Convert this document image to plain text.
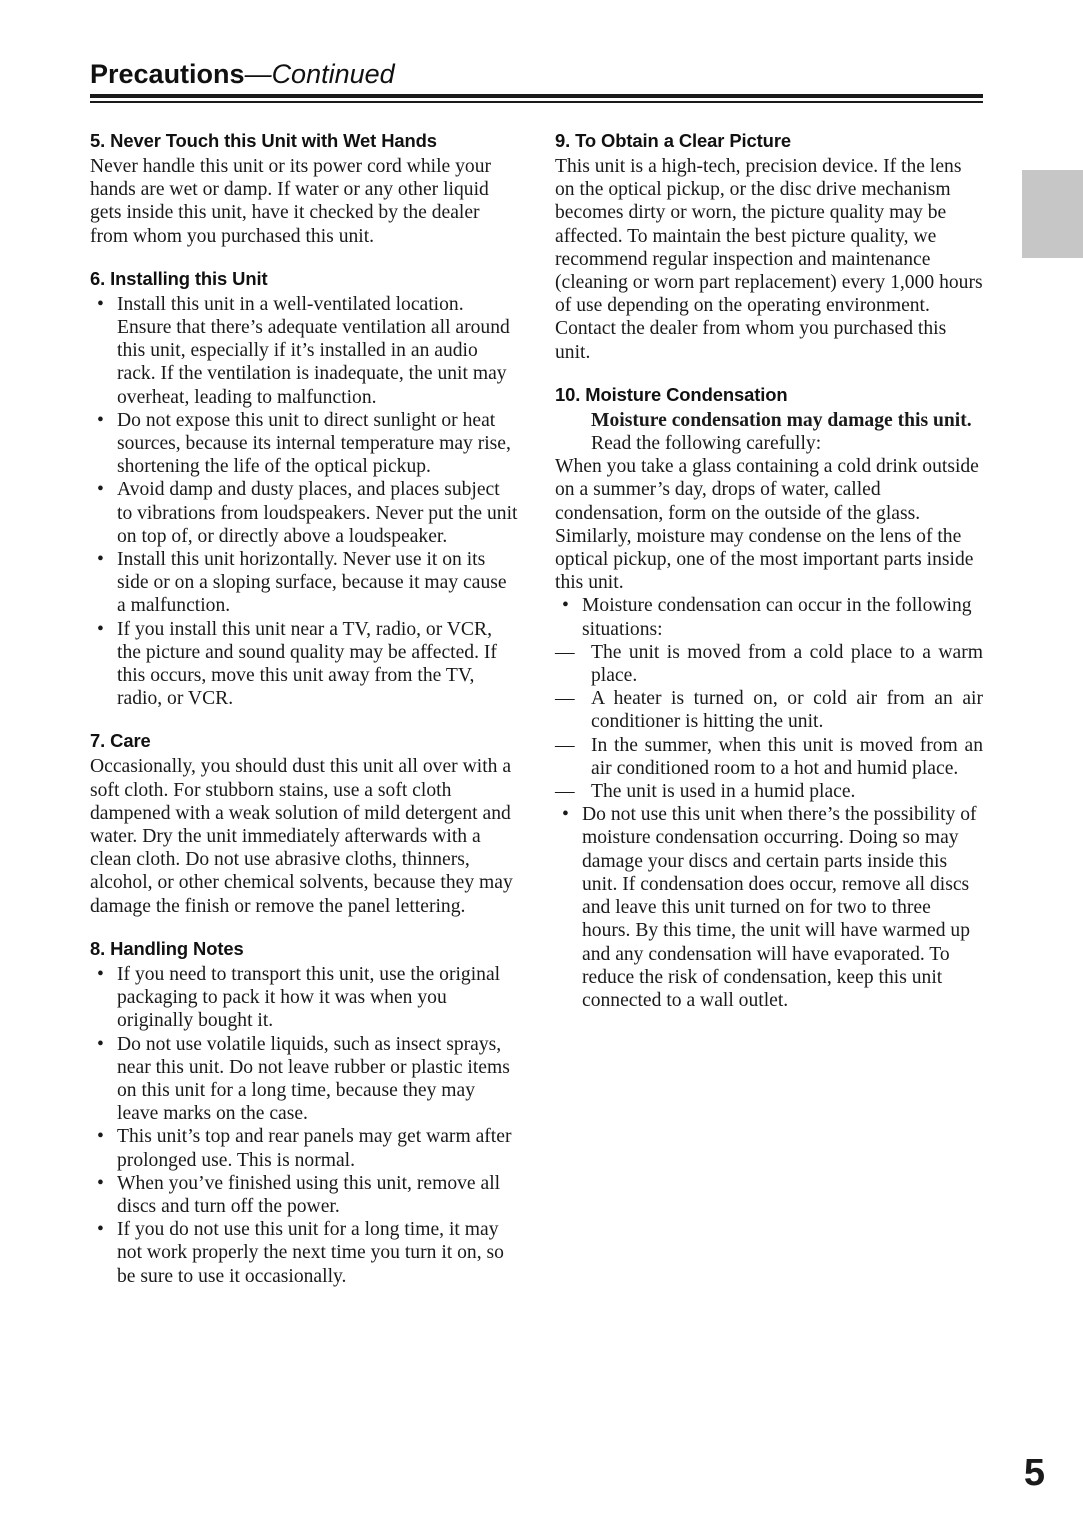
Precautions—Continued
5. Never Touch this Unit with Wet Hands

Never handle this unit or its power cord while your hands are wet or damp. If water or any other liquid gets inside this unit, have it checked by the dealer from whom you purchased this unit.

6. Installing this Unit
• Install this unit in a well-ventilated location. Ensure that there’s adequate ventilation all around this unit, especially if it’s installed in an audio rack. If the ventilation is inadequate, the unit may overheat, leading to malfunction.
• Do not expose this unit to direct sunlight or heat sources, because its internal temperature may rise, shortening the life of the optical pickup.
• Avoid damp and dusty places, and places subject to vibrations from loudspeakers. Never put the unit on top of, or directly above a loudspeaker.
• Install this unit horizontally. Never use it on its side or on a sloping surface, because it may cause a malfunction.
• If you install this unit near a TV, radio, or VCR, the picture and sound quality may be affected. If this occurs, move this unit away from the TV, radio, or VCR.
7. Care

Occasionally, you should dust this unit all over with a soft cloth. For stubborn stains, use a soft cloth dampened with a weak solution of mild detergent and water. Dry the unit immediately afterwards with a clean cloth. Do not use abrasive cloths, thinners, alcohol, or other chemical solvents, because they may damage the finish or remove the panel lettering.

8. Handling Notes
• If you need to transport this unit, use the original packaging to pack it how it was when you originally bought it.
• Do not use volatile liquids, such as insect sprays, near this unit. Do not leave rubber or plastic items on this unit for a long time, because they may leave marks on the case.
• This unit’s top and rear panels may get warm after prolonged use. This is normal.
• When you’ve finished using this unit, remove all discs and turn off the power.
• If you do not use this unit for a long time, it may not work properly the next time you turn it on, so be sure to use it occasionally.
9. To Obtain a Clear Picture

This unit is a high-tech, precision device. If the lens on the optical pickup, or the disc drive mechanism becomes dirty or worn, the picture quality may be affected. To maintain the best picture quality, we recommend regular inspection and maintenance (cleaning or worn part replacement) every 1,000 hours of use depending on the operating environment. Contact the dealer from whom you purchased this unit.

10. Moisture Condensation

Moisture condensation may damage this unit.

Read the following carefully:

When you take a glass containing a cold drink outside on a summer’s day, drops of water, called condensation, form on the outside of the glass. Similarly, moisture may condense on the lens of the optical pickup, one of the most important parts inside this unit.

• Moisture condensation can occur in the following situations:
— The unit is moved from a cold place to a warm place.
— A heater is turned on, or cold air from an air conditioner is hitting the unit.
— In the summer, when this unit is moved from an air conditioned room to a hot and humid place.
— The unit is used in a humid place.
• Do not use this unit when there’s the possibility of moisture condensation occurring. Doing so may damage your discs and certain parts inside this unit. If condensation does occur, remove all discs and leave this unit turned on for two to three hours. By this time, the unit will have warmed up and any condensation will have evaporated. To reduce the risk of condensation, keep this unit connected to a wall outlet.
5
